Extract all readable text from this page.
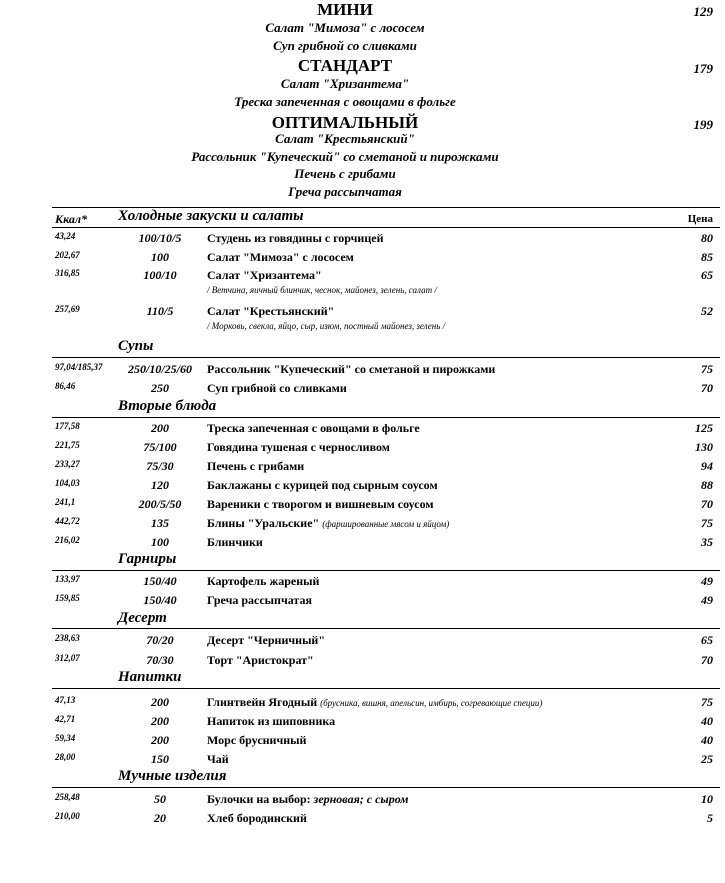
МИНИ	129
Салат "Мимоза" с лососем
Суп грибной со сливками
СТАНДАРТ	179
Салат "Хризантема"
Треска запеченная с овощами в фольге
ОПТИМАЛЬНЫЙ	199
Салат "Крестьянский"
Рассольник "Купеческий" со сметаной и пирожками
Печень с грибами
Греча рассыпчатая
Ккал* Холодные закуски и салаты	Цена
43,24	100/10/5	Студень из говядины с горчицей	80
202,67	100	Салат "Мимоза" с лососем	85
316,85	100/10	Салат "Хризантема"	65
/ Ветчина, яичный блинчик, чеснок, майонез, зелень, салат /
257,69	110/5	Салат "Крестьянский"	52
/ Морковь, свекла, яйцо, сыр, изюм, постный майонез, зелень /
Супы
97,04/185,37	250/10/25/60	Рассольник "Купеческий" со сметаной и пирожками	75
86,46	250	Суп грибной со сливками	70
Вторые блюда
177,58	200	Треска запеченная с овощами в фольге	125
221,75	75/100	Говядина тушеная с черносливом	130
233,27	75/30	Печень с грибами	94
104,03	120	Баклажаны с курицей под сырным соусом	88
241,1	200/5/50	Вареники с творогом и вишневым соусом	70
442,72	135	Блины "Уральские" (фаршированные мясом и яйцом)	75
216,02	100	Блинчики	35
Гарниры
133,97	150/40	Картофель жареный	49
159,85	150/40	Греча рассыпчатая	49
Десерт
238,63	70/20	Десерт "Черничный"	65
312,07	70/30	Торт "Аристократ"	70
Напитки
47,13	200	Глинтвейн Ягодный (брусника, вишня, апельсин, имбирь, согревающие специи)	75
42,71	200	Напиток из шиповника	40
59,34	200	Морс брусничный	40
28,00	150	Чай	25
Мучные изделия
258,48	50	Булочки на выбор: зерновая; с сыром	10
210,00	20	Хлеб бородинский	5
